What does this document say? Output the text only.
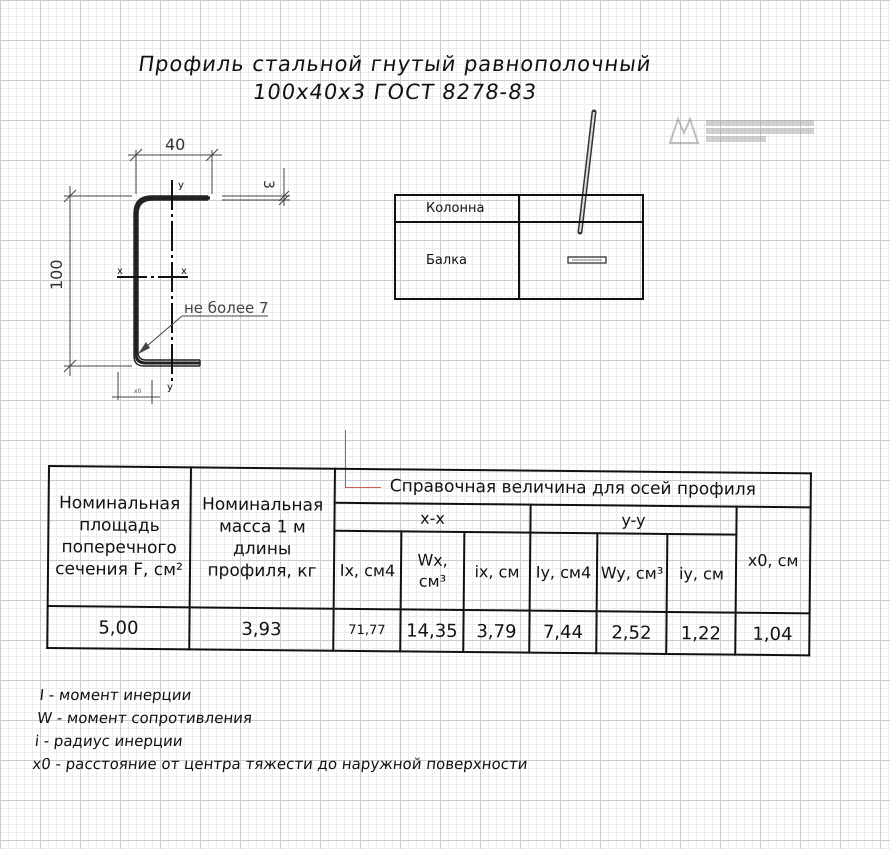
Профиль стальной гнутый равнополочный
100x40x3 ГОСТ 8278-83
40
100
3
y
y
x	x
не более 7
x0
Колонна	
Балка	
Номинальная площадь поперечного сечения F, см²	Номинальная масса 1 м длины профиля, кг	Справочная величина для осей профиля						
		x-x			y-y			x0, см
		Ix, см4	Wx, см³	ix, см	Iy, см4	Wy, см³	iy, см	
5,00	3,93	71,77	14,35	3,79	7,44	2,52	1,22	1,04
I - момент инерции
W - момент сопротивления
i - радиус инерции
x0 - расстояние от центра тяжести до наружной поверхности
